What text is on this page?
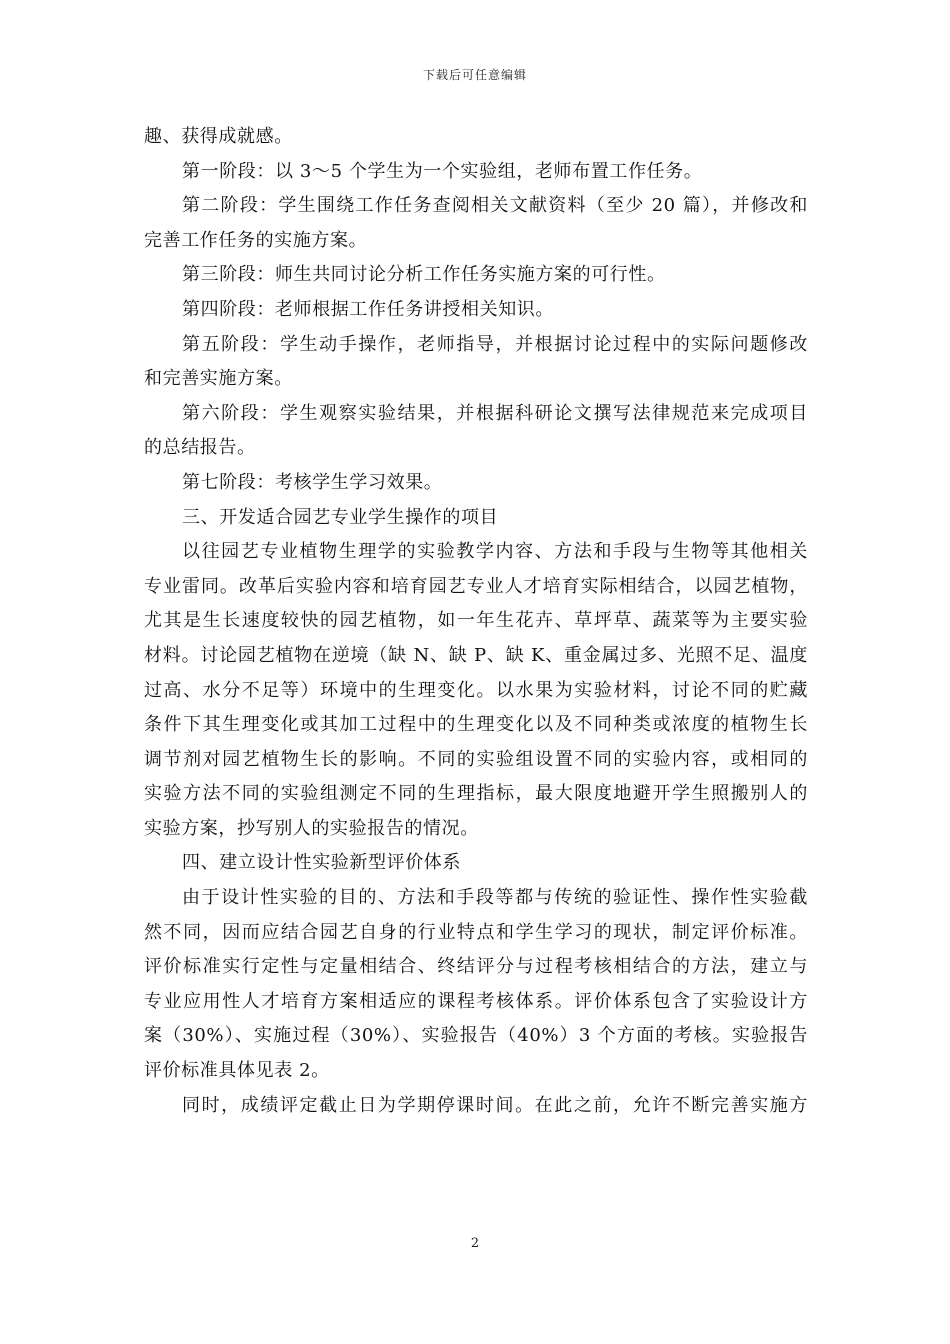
下载后可任意编辑
趣、获得成就感。
第一阶段：以 3～5 个学生为一个实验组，老师布置工作任务。
第二阶段：学生围绕工作任务查阅相关文献资料（至少 20 篇），并修改和
完善工作任务的实施方案。
第三阶段：师生共同讨论分析工作任务实施方案的可行性。
第四阶段：老师根据工作任务讲授相关知识。
第五阶段：学生动手操作，老师指导，并根据讨论过程中的实际问题修改
和完善实施方案。
第六阶段：学生观察实验结果，并根据科研论文撰写法律规范来完成项目
的总结报告。
第七阶段：考核学生学习效果。
三、开发适合园艺专业学生操作的项目
以往园艺专业植物生理学的实验教学内容、方法和手段与生物等其他相关
专业雷同。改革后实验内容和培育园艺专业人才培育实际相结合，以园艺植物，
尤其是生长速度较快的园艺植物，如一年生花卉、草坪草、蔬菜等为主要实验
材料。讨论园艺植物在逆境（缺 N、缺 P、缺 K、重金属过多、光照不足、温度
过高、水分不足等）环境中的生理变化。以水果为实验材料，讨论不同的贮藏
条件下其生理变化或其加工过程中的生理变化以及不同种类或浓度的植物生长
调节剂对园艺植物生长的影响。不同的实验组设置不同的实验内容，或相同的
实验方法不同的实验组测定不同的生理指标，最大限度地避开学生照搬别人的
实验方案，抄写别人的实验报告的情况。
四、建立设计性实验新型评价体系
由于设计性实验的目的、方法和手段等都与传统的验证性、操作性实验截
然不同，因而应结合园艺自身的行业特点和学生学习的现状，制定评价标准。
评价标准实行定性与定量相结合、终结评分与过程考核相结合的方法，建立与
专业应用性人才培育方案相适应的课程考核体系。评价体系包含了实验设计方
案（30%）、实施过程（30%）、实验报告（40%）3 个方面的考核。实验报告
评价标准具体见表 2。
同时，成绩评定截止日为学期停课时间。在此之前，允许不断完善实施方
2
